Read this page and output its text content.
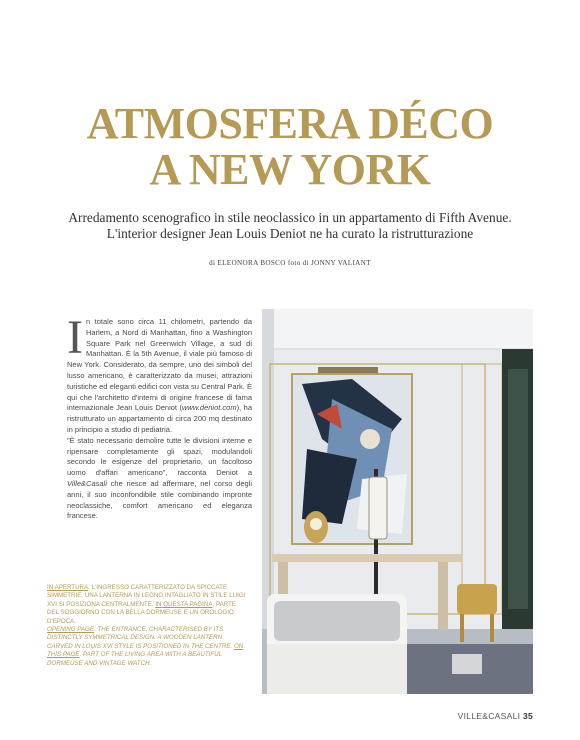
ATMOSFERA DÉCO
A NEW YORK
Arredamento scenografico in stile neoclassico in un appartamento di Fifth Avenue.
L'interior designer Jean Louis Deniot ne ha curato la ristrutturazione
di ELEONORA BOSCO foto di JONNY VALIANT

In totale sono circa 11 chilometri, partendo da Harlem, a Nord di Manhattan, fino a Washington Square Park nel Greenwich Village, a sud di Manhattan. È la 5th Avenue, il viale più famoso di New York. Considerato, da sempre, uno dei simboli del lusso americano, è caratterizzato da musei, attrazioni turistiche ed eleganti edifici con vista su Central Park. È qui che l'architetto d'interni di origine francese di fama internazionale Jean Louis Deniot (www.deniot.com), ha ristrutturato un appartamento di circa 200 mq destinato in principio a studio di pediatria.

"È stato necessario demolire tutte le divisioni interne e ripensare completamente gli spazi, modulandoli secondo le esigenze del proprietario, un facoltoso uomo d'affari americano", racconta Deniot a Ville&Casali che riesce ad affermare, nel corso degli anni, il suo inconfondibile stile combinando impronte neoclassiche, comfort americano ed eleganza francese.

IN APERTURA. L'INGRESSO CARATTERIZZATO DA SPICCATE SIMMETRIE. UNA LANTERNA IN LEGNO INTAGLIATO IN STILE LUIGI XVI SI POSIZIONA CENTRALMENTE. IN QUESTA PAGINA. PARTE DEL SOGGIORNO CON LA BELLA DORMEUSE E UN OROLOGIO D'EPOCA.

OPENING PAGE. THE ENTRANCE, CHARACTERISED BY ITS DISTINCTLY SYMMETRICAL DESIGN. A WOODEN LANTERN CARVED IN LOUIS XVI STYLE IS POSITIONED IN THE CENTRE. ON THIS PAGE. PART OF THE LIVING AREA WITH A BEAUTIFUL DORMEUSE AND VINTAGE WATCH.

VILLE&CASALI 35
